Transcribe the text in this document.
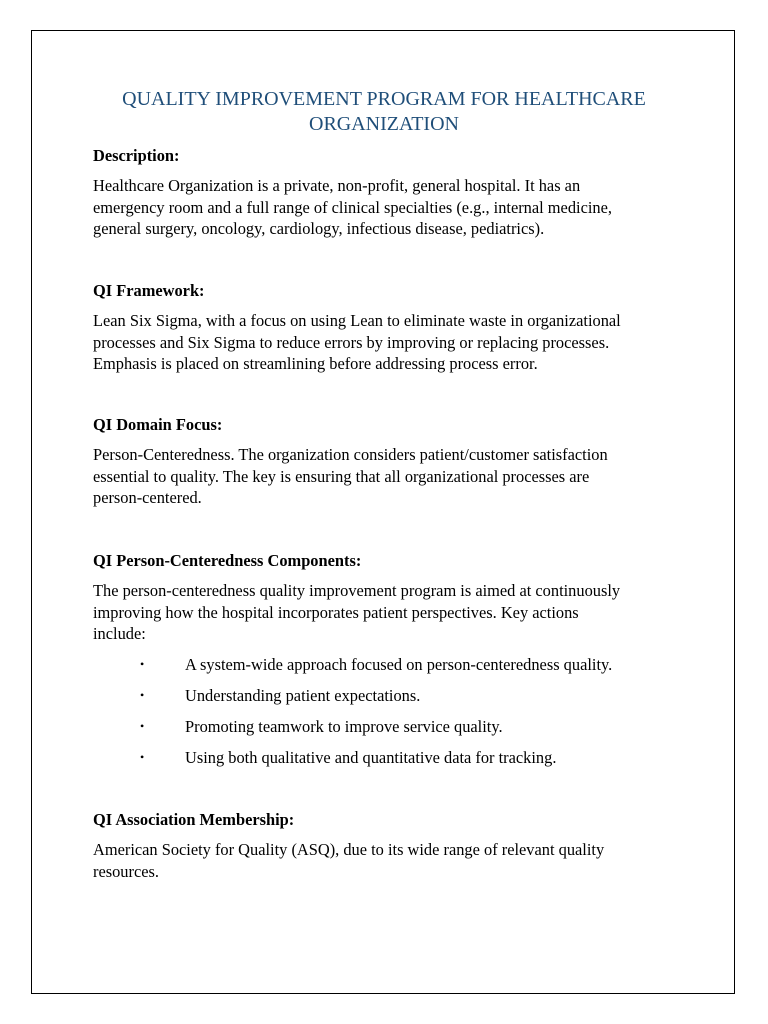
QUALITY IMPROVEMENT PROGRAM FOR HEALTHCARE
ORGANIZATION

Description:

Healthcare Organization is a private, non-profit, general hospital. It has an

emergency room and a full range of clinical specialties (e.g., internal medicine,

general surgery, oncology, cardiology, infectious disease, pediatrics).

QI Framework:

Lean Six Sigma, with a focus on using Lean to eliminate waste in organizational

processes and Six Sigma to reduce errors by improving or replacing processes.

Emphasis is placed on streamlining before addressing process error.

QI Domain Focus:

Person-Centeredness. The organization considers patient/customer satisfaction

essential to quality. The key is ensuring that all organizational processes are

person-centered.

QI Person-Centeredness Components:

The person-centeredness quality improvement program is aimed at continuously

improving how the hospital incorporates patient perspectives. Key actions

include:

• A system-wide approach focused on person-centeredness quality.
• Understanding patient expectations.
• Promoting teamwork to improve service quality.
• Using both qualitative and quantitative data for tracking.

QI Association Membership:

American Society for Quality (ASQ), due to its wide range of relevant quality

resources.
